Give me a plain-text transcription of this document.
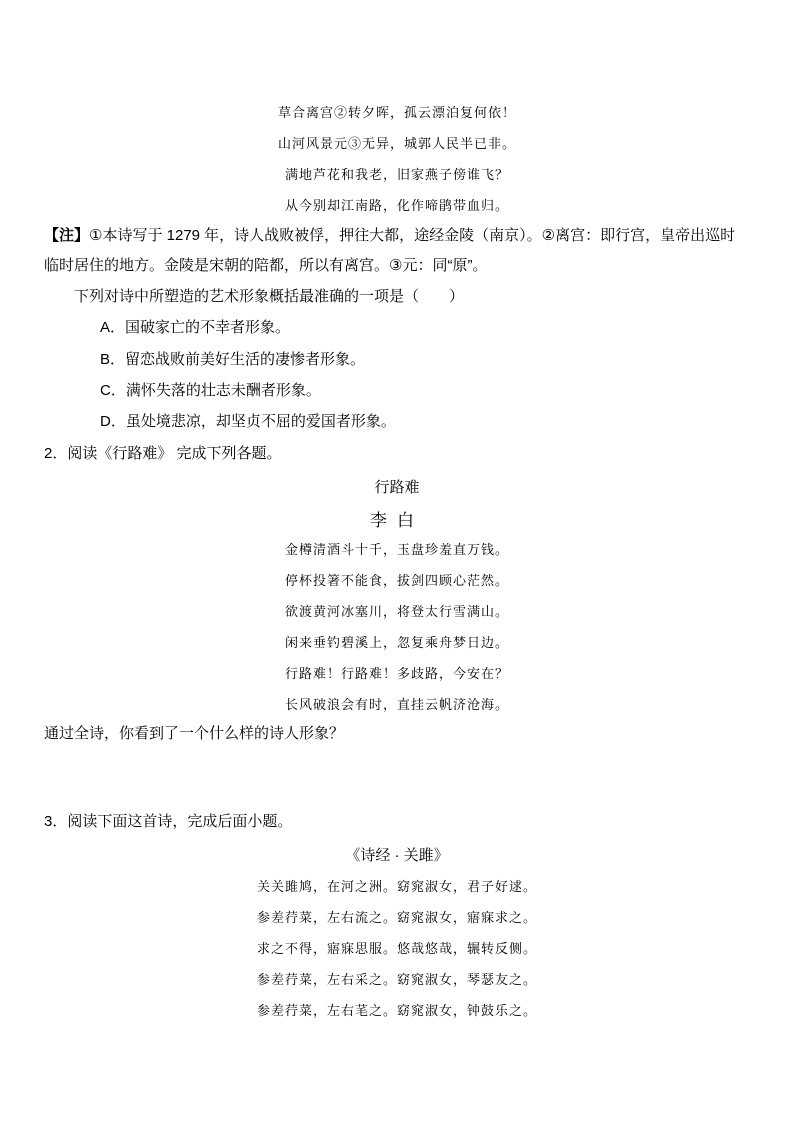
草合离宫②转夕晖，孤云漂泊复何依！
山河风景元③无异，城郭人民半已非。
满地芦花和我老，旧家燕子傍谁飞？
从今别却江南路，化作啼鹃带血归。
【注】①本诗写于 1279 年，诗人战败被俘，押往大都，途经金陵（南京）。②离宫：即行宫，皇帝出巡时
临时居住的地方。金陵是宋朝的陪都，所以有离宫。③元：同“原”。
下列对诗中所塑造的艺术形象概括最准确的一项是（　　）
A．国破家亡的不幸者形象。
B．留恋战败前美好生活的凄惨者形象。
C．满怀失落的壮志未酬者形象。
D．虽处境悲凉，却坚贞不屈的爱国者形象。
2．阅读《行路难》 完成下列各题。
行路难
李白
金樽清酒斗十千，玉盘珍羞直万钱。
停杯投箸不能食，拔剑四顾心茫然。
欲渡黄河冰塞川，将登太行雪满山。
闲来垂钓碧溪上，忽复乘舟梦日边。
行路难！行路难！多歧路，今安在？
长风破浪会有时，直挂云帆济沧海。
通过全诗，你看到了一个什么样的诗人形象？
3．阅读下面这首诗，完成后面小题。
《诗经 · 关雎》
关关雎鸠，在河之洲。窈窕淑女，君子好逑。
参差荇菜，左右流之。窈窕淑女，寤寐求之。
求之不得，寤寐思服。悠哉悠哉，辗转反侧。
参差荇菜，左右采之。窈窕淑女，琴瑟友之。
参差荇菜，左右芼之。窈窕淑女，钟鼓乐之。
